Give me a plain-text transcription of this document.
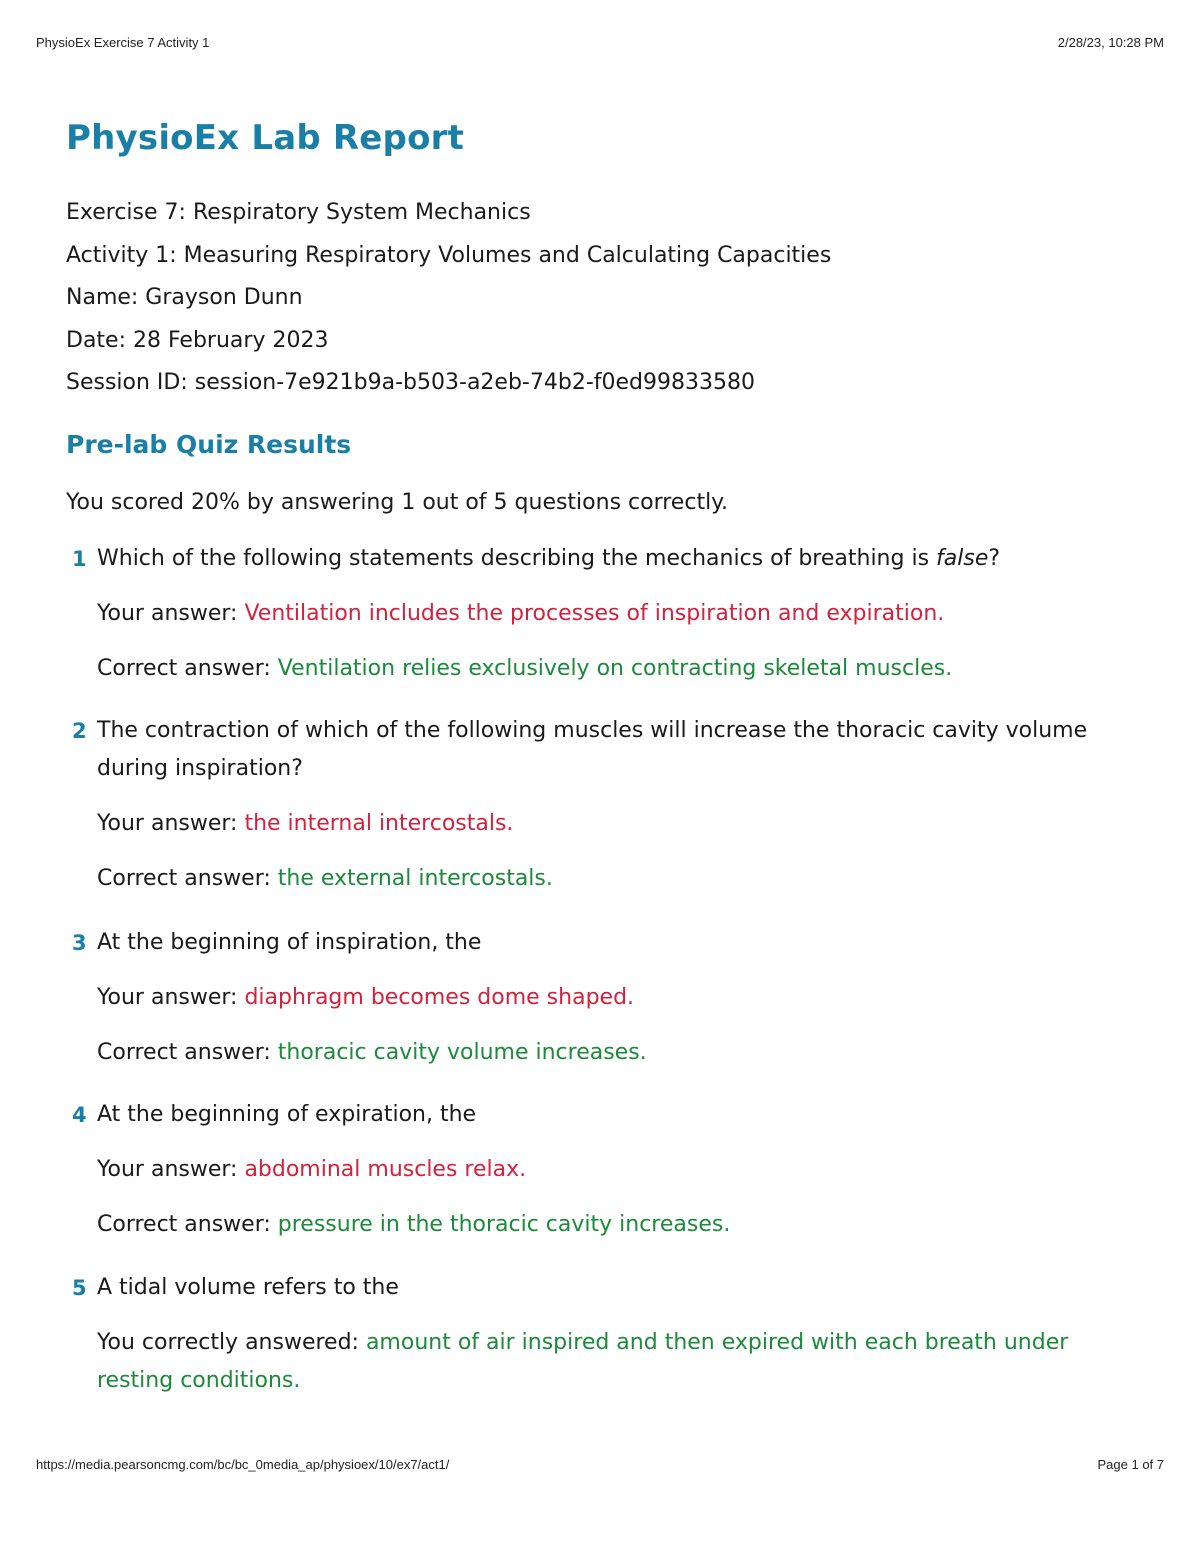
PhysioEx Exercise 7 Activity 1	2/28/23, 10:28 PM
PhysioEx Lab Report
Exercise 7: Respiratory System Mechanics
Activity 1: Measuring Respiratory Volumes and Calculating Capacities
Name: Grayson Dunn
Date: 28 February 2023
Session ID: session-7e921b9a-b503-a2eb-74b2-f0ed99833580
Pre-lab Quiz Results
You scored 20% by answering 1 out of 5 questions correctly.
1 Which of the following statements describing the mechanics of breathing is false?
Your answer: Ventilation includes the processes of inspiration and expiration.
Correct answer: Ventilation relies exclusively on contracting skeletal muscles.
2 The contraction of which of the following muscles will increase the thoracic cavity volume during inspiration?
Your answer: the internal intercostals.
Correct answer: the external intercostals.
3 At the beginning of inspiration, the
Your answer: diaphragm becomes dome shaped.
Correct answer: thoracic cavity volume increases.
4 At the beginning of expiration, the
Your answer: abdominal muscles relax.
Correct answer: pressure in the thoracic cavity increases.
5 A tidal volume refers to the
You correctly answered: amount of air inspired and then expired with each breath under resting conditions.
https://media.pearsoncmg.com/bc/bc_0media_ap/physioex/10/ex7/act1/	Page 1 of 7
